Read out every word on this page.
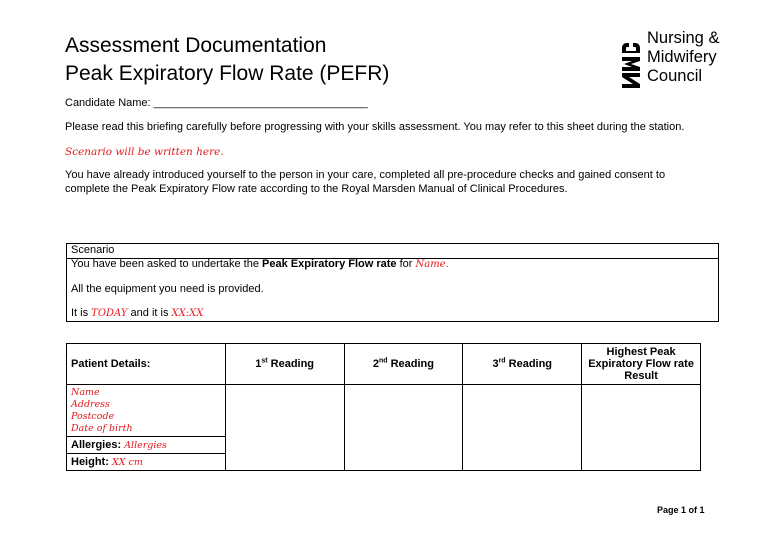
Assessment Documentation
Peak Expiratory Flow Rate (PEFR)
Nursing &
Midwifery
Council
Candidate Name: ___________________________________
Please read this briefing carefully before progressing with your skills assessment. You may refer to this sheet during the station.
Scenario will be written here.
You have already introduced yourself to the person in your care, completed all pre-procedure checks and gained consent to complete the Peak Expiratory Flow rate according to the Royal Marsden Manual of Clinical Procedures.
Scenario
You have been asked to undertake the Peak Expiratory Flow rate for Name.
All the equipment you need is provided.
It is TODAY and it is XX:XX
Patient Details:	1st Reading	2nd Reading	3rd Reading	Highest Peak Expiratory Flow rate Result

Name
Address
Postcode
Date of birth				

Allergies: Allergies				
Height: XX cm				
Page 1 of 1
